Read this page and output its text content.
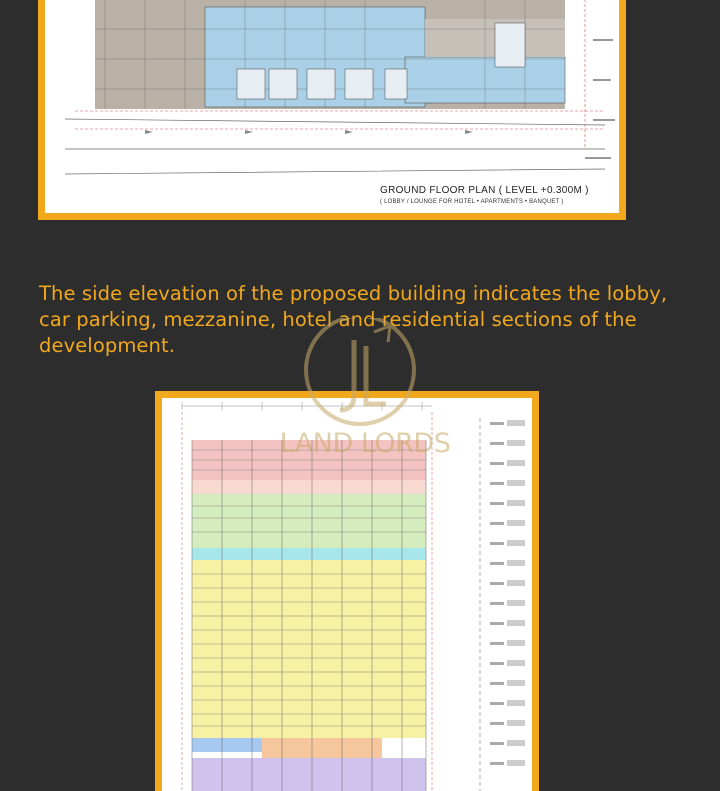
GROUND FLOOR PLAN ( LEVEL +0.300M )
( LOBBY / LOUNGE FOR HOTEL • APARTMENTS • BANQUET )
The side elevation of the proposed building indicates the lobby, car parking, mezzanine, hotel and residential sections of the development.
LAND LORDS
